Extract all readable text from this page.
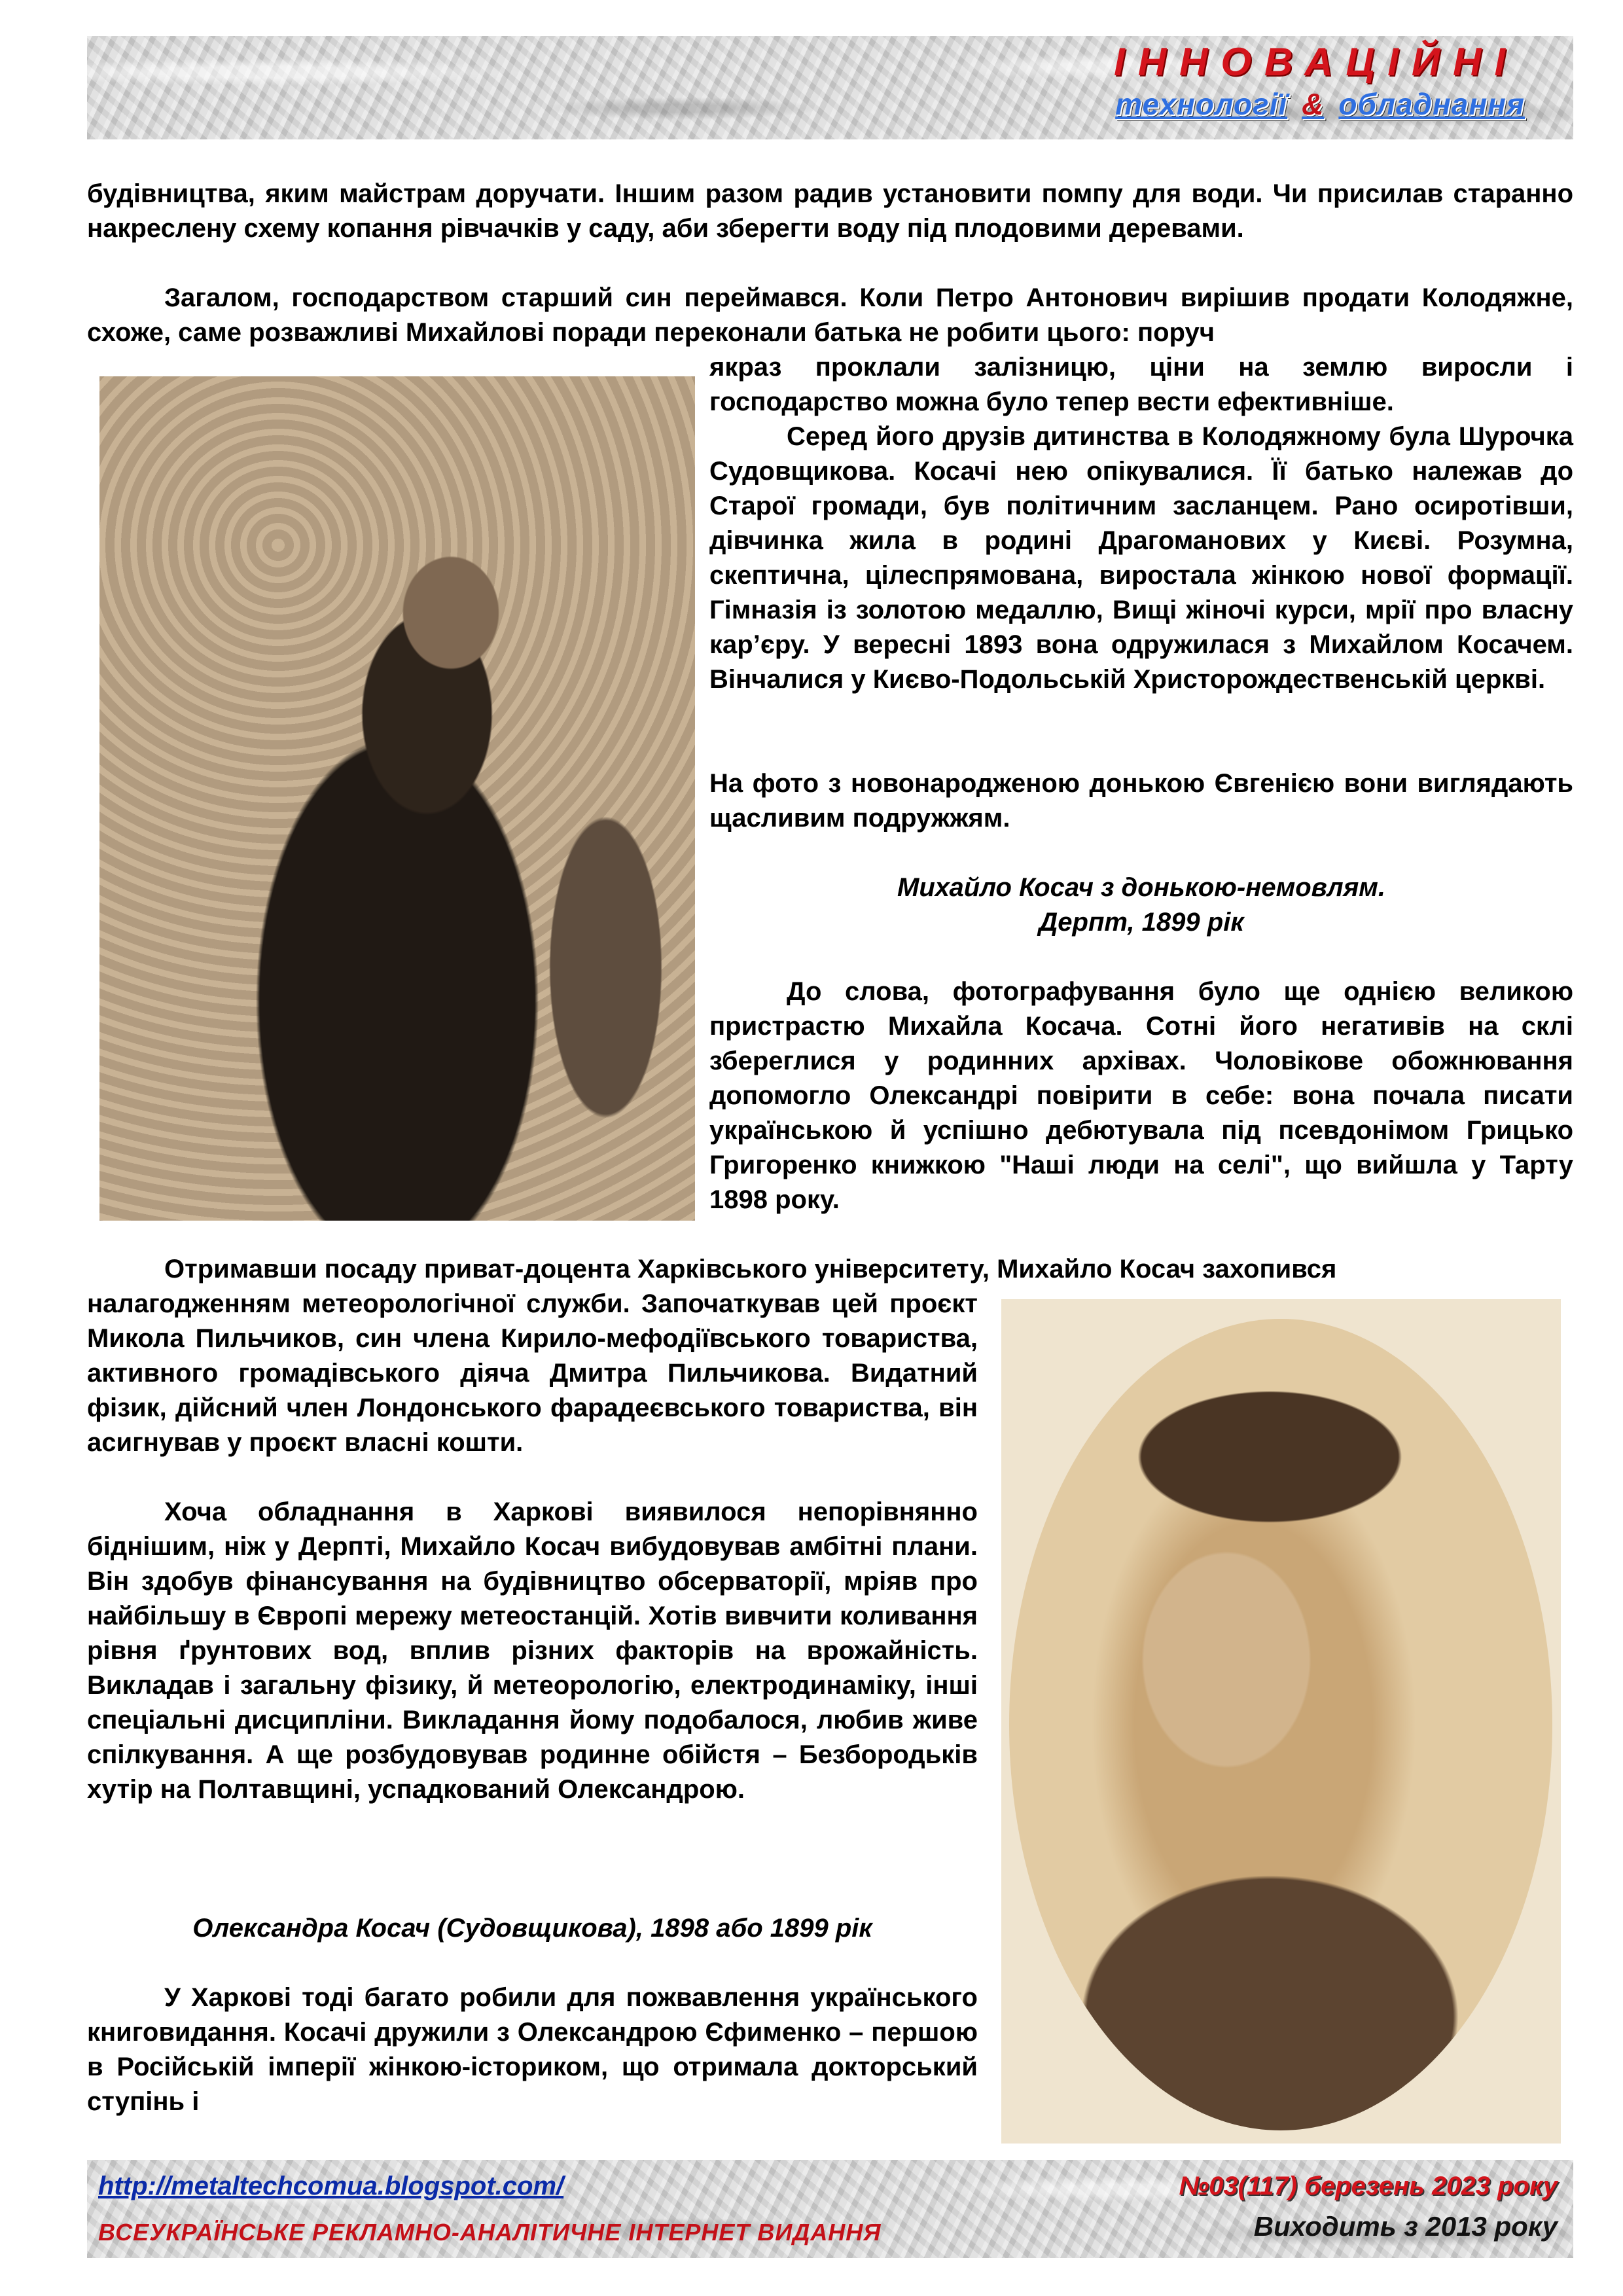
ІННОВАЦІЙНІ
технології & обладнання

будівництва, яким майстрам доручати. Іншим разом радив установити помпу для води. Чи присилав старанно накреслену схему копання рівчачків у саду, аби зберегти воду під плодовими деревами.

Загалом, господарством старший син переймався. Коли Петро Антонович вирішив продати Колодяжне, схоже, саме розважливі Михайлові поради переконали батька не робити цього: поруч

якраз проклали залізницю, ціни на землю виросли і господарство можна було тепер вести ефективніше.

Серед його друзів дитинства в Колодяжному була Шурочка Судовщикова. Косачі нею опікувалися. Її батько належав до Старої громади, був політичним засланцем. Рано осиротівши, дівчинка жила в родині Драгоманових у Києві. Розумна, скептична, цілеспрямована, виростала жінкою нової формації. Гімназія із золотою медаллю, Вищі жіночі курси, мрії про власну кар’єру. У вересні 1893 вона одружилася з Михайлом Косачем. Вінчалися у Києво-Подольській Христорождественській церкві.

На фото з новонародженою донькою Євгенією вони виглядають щасливим подружжям.

Михайло Косач з донькою-немовлям.

Дерпт, 1899 рік

До слова, фотографування було ще однією великою пристрастю Михайла Косача. Сотні його негативів на склі збереглися у родинних архівах. Чоловікове обожнювання допомогло Олександрі повірити в себе: вона почала писати українською й успішно дебютувала під псевдонімом Грицько Григоренко книжкою "Наші люди на селі", що вийшла у Тарту 1898 року.

Отримавши посаду приват-доцента Харківського університету, Михайло Косач захопився

налагодженням метеорологічної служби. Започаткував цей проєкт Микола Пильчиков, син члена Кирило-мефодіївського товариства, активного громадівського діяча Дмитра Пильчикова. Видатний фізик, дійсний член Лондонського фарадеєвського товариства, він асигнував у проєкт власні кошти.

Хоча обладнання в Харкові виявилося непорівнянно біднішим, ніж у Дерпті, Михайло Косач вибудовував амбітні плани. Він здобув фінансування на будівництво обсерваторії, мріяв про найбільшу в Європі мережу метеостанцій. Хотів вивчити коливання рівня ґрунтових вод, вплив різних факторів на врожайність. Викладав і загальну фізику, й метеорологію, електродинаміку, інші спеціальні дисципліни. Викладання йому подобалося, любив живе спілкування. А ще розбудовував родинне обійстя – Безбородьків хутір на Полтавщині, успадкований Олександрою.

Олександра Косач (Судовщикова), 1898 або 1899 рік

У Харкові тоді багато робили для пожвавлення українського книговидання. Косачі дружили з Олександрою Єфименко – першою в Російській імперії жінкою-істориком, що отримала докторський ступінь і

http://metaltechcomua.blogspot.com/	№03(117) березень 2023 року
ВСЕУКРАЇНСЬКЕ РЕКЛАМНО-АНАЛІТИЧНЕ ІНТЕРНЕТ ВИДАННЯ	Виходить з 2013 року
